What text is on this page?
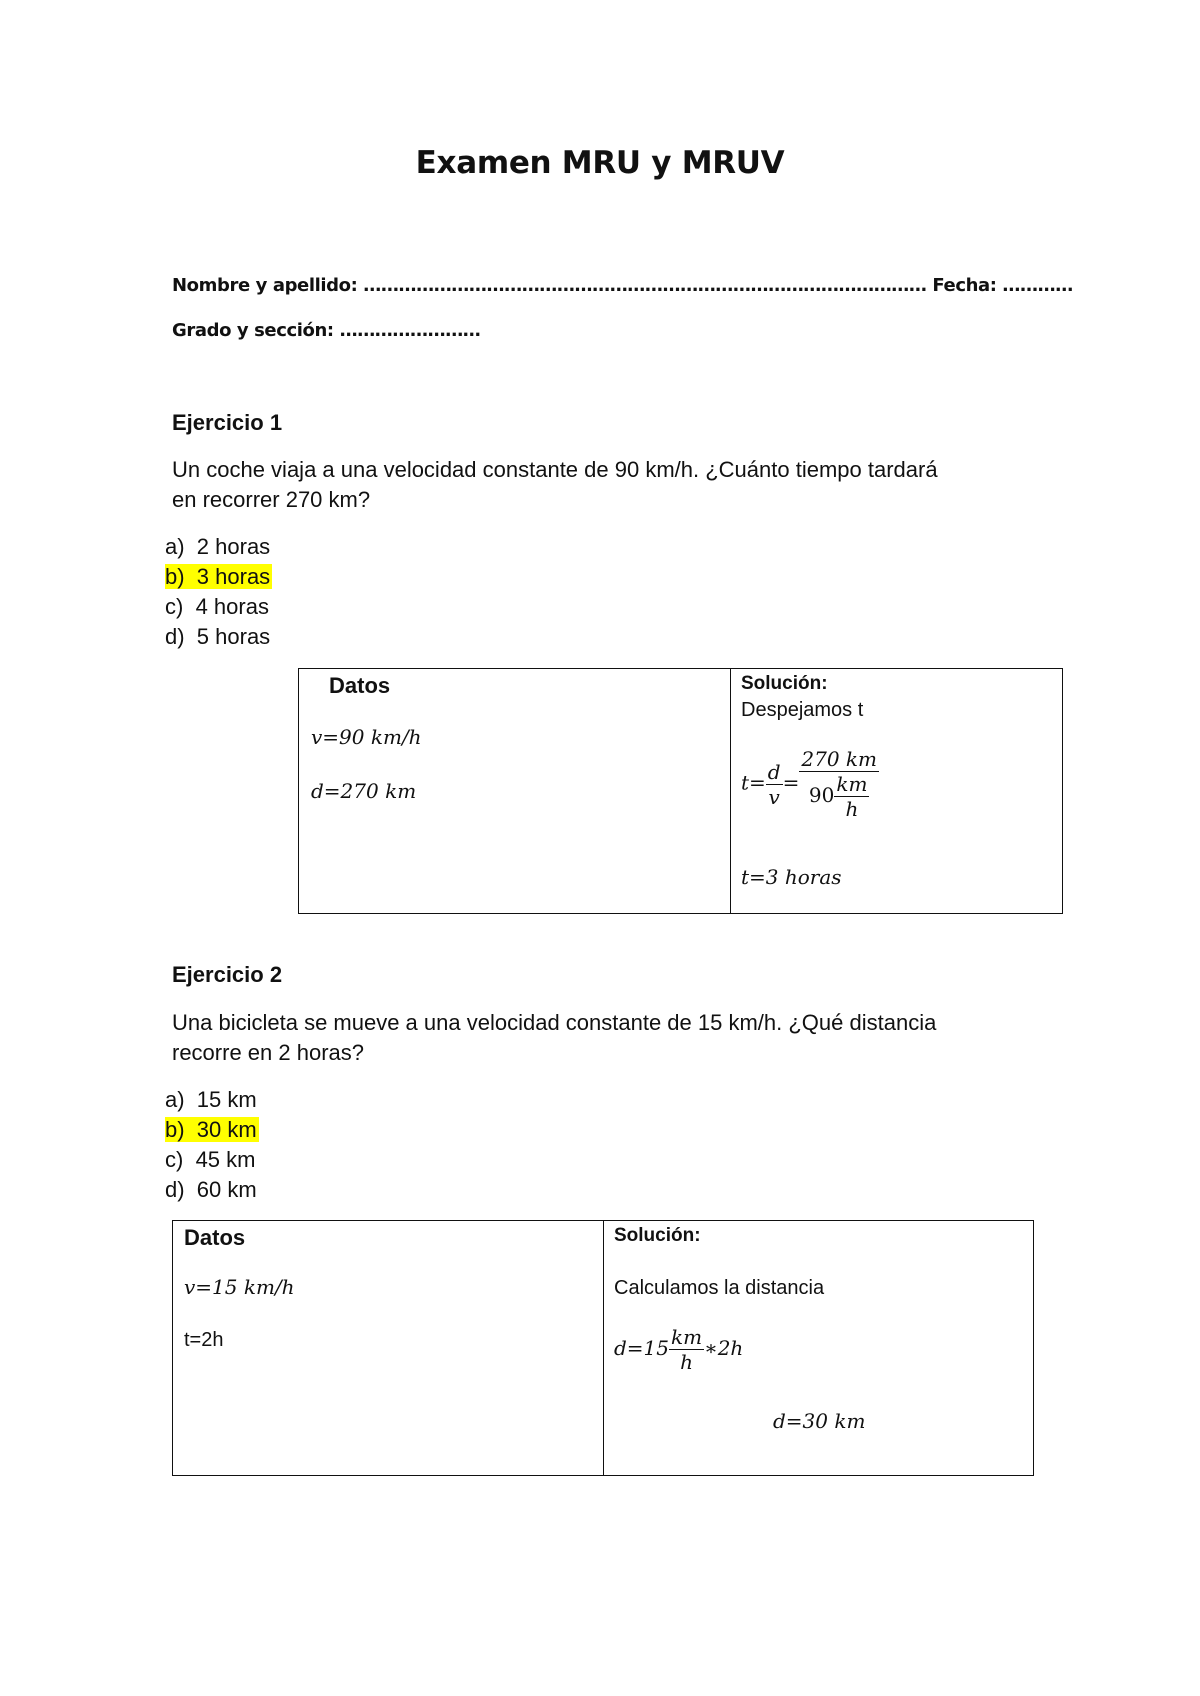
Examen MRU y MRUV
Nombre y apellido: …………………………………………………………………………………… Fecha: …………
Grado y sección: ……………………
Ejercicio 1
Un coche viaja a una velocidad constante de 90 km/h. ¿Cuánto tiempo tardará
en recorrer 270 km?
a) 2 horas
b) 3 horas
c) 4 horas
d) 5 horas
Datos
v=90 km/h
d=270 km
Solución:
Despejamos t
$t= \frac{d}{v} = \frac{270 km}{90 \frac{km}{h}}$
t=3 horas
Ejercicio 2
Una bicicleta se mueve a una velocidad constante de 15 km/h. ¿Qué distancia
recorre en 2 horas?
a) 15 km
b) 30 km
c) 45 km
d) 60 km
Datos
v=15 km/h
t=2h
Solución:
Calculamos la distancia
$d=15 \frac{km}{h}$ ∗2h
d=30 km
